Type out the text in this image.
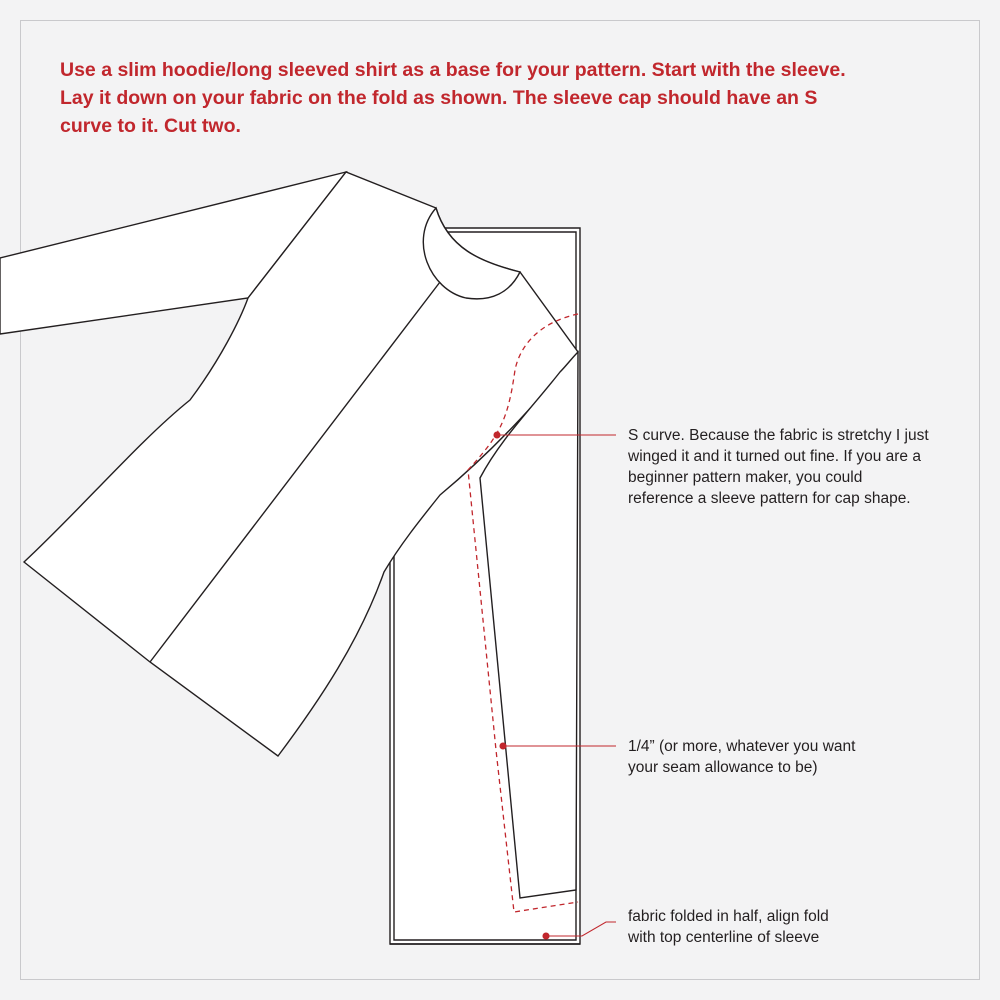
Use a slim hoodie/long sleeved shirt as a base for your pattern. Start with the sleeve.
Lay it down on your fabric on the fold as shown. The sleeve cap should have an S
curve to it. Cut two.

S curve. Because the fabric is stretchy I just
winged it and it turned out fine. If you are a
beginner pattern maker, you could
reference a sleeve pattern for cap shape.

1/4” (or more, whatever you want
your seam allowance to be)

fabric folded in half, align fold
with top centerline of sleeve
